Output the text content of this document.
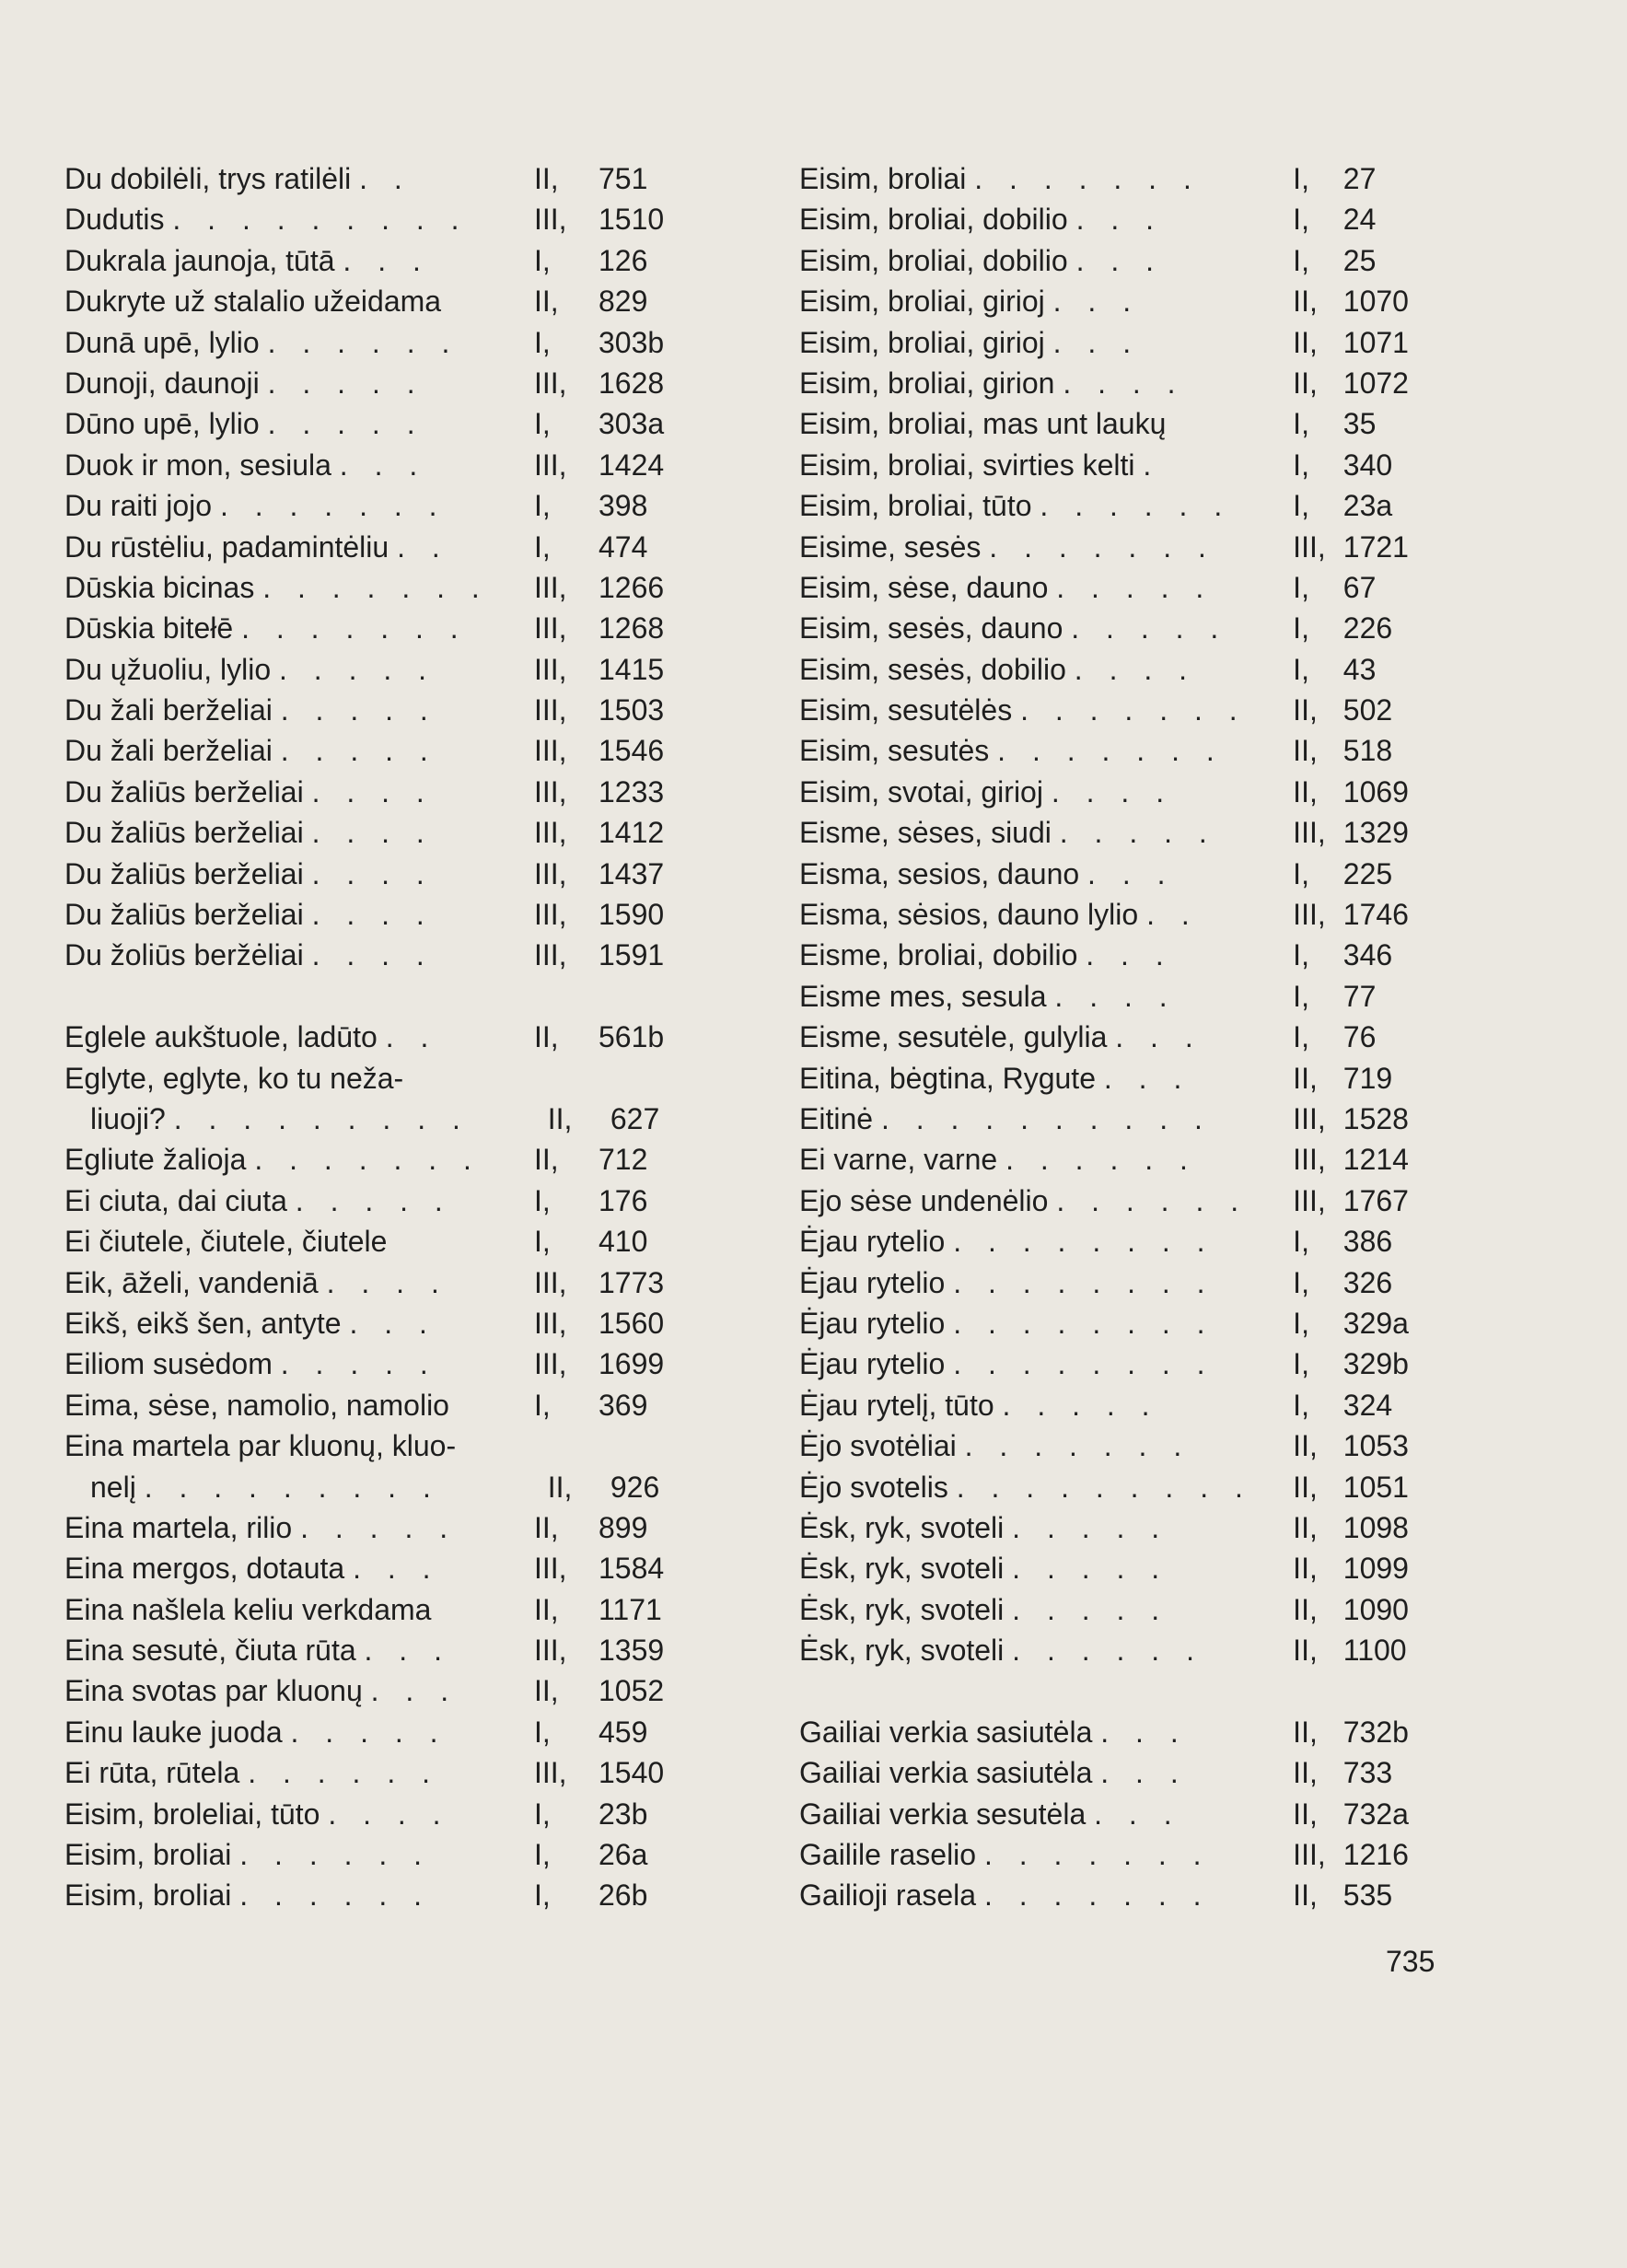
Du dobilėli, trys ratilėli . .	II,	751
Dudutis . . . . . . . . .	III,	1510
Dukrala jaunoja, tūtā . . .	I,	126
Dukryte už stalalio užeidama	II,	829
Dunā upē, lylio . . . . . .	I,	303b
Dunoji, daunoji . . . . .	III,	1628
Dūno upē, lylio . . . . .	I,	303a
Duok ir mon, sesiula . . .	III,	1424
Du raiti jojo . . . . . . .	I,	398
Du rūstėliu, padamintėliu . .	I,	474
Dūskia bicinas . . . . . . .	III,	1266
Dūskia bitełē . . . . . . .	III,	1268
Du ųžuoliu, lylio . . . . .	III,	1415
Du žali berželiai . . . . .	III,	1503
Du žali berželiai . . . . .	III,	1546
Du žaliūs berželiai . . . .	III,	1233
Du žaliūs berželiai . . . .	III,	1412
Du žaliūs berželiai . . . .	III,	1437
Du žaliūs berželiai . . . .	III,	1590
Du žoliūs beržėliai . . . .	III,	1591
Eglele aukštuole, ladūto . .	II,	561b
Eglyte, eglyte, ko tu neža-
liuoji? . . . . . . . . .	II,	627
Egliute žalioja . . . . . . .	II,	712
Ei ciuta, dai ciuta . . . . .	I,	176
Ei čiutele, čiutele, čiutele	I,	410
Eik, āželi, vandeniā . . . .	III,	1773
Eikš, eikš šen, antyte . . .	III,	1560
Eiliom susėdom . . . . .	III,	1699
Eima, sėse, namolio, namolio	I,	369
Eina martela par kluonų, kluo-
nelį . . . . . . . . .	II,	926
Eina martela, rilio . . . . .	II,	899
Eina mergos, dotauta . . .	III,	1584
Eina našlela keliu verkdama	II,	1171
Eina sesutė, čiuta rūta . . .	III,	1359
Eina svotas par kluonų . . .	II,	1052
Einu lauke juoda . . . . .	I,	459
Ei rūta, rūtela . . . . . .	III,	1540
Eisim, broleliai, tūto . . . .	I,	23b
Eisim, broliai . . . . . .	I,	26a
Eisim, broliai . . . . . .	I,	26b
Eisim, broliai . . . . . . .	I,	27
Eisim, broliai, dobilio . . .	I,	24
Eisim, broliai, dobilio . . .	I,	25
Eisim, broliai, girioj . . .	II, 1070
Eisim, broliai, girioj . . .	II, 1071
Eisim, broliai, girion . . . .	II, 1072
Eisim, broliai, mas unt laukų	I,	35
Eisim, broliai, svirties kelti .	I,	340
Eisim, broliai, tūto . . . . . .	I,	23a
Eisime, sesės . . . . . . .	III, 1721
Eisim, sėse, dauno . . . . .	I,	67
Eisim, sesės, dauno . . . . .	I,	226
Eisim, sesės, dobilio . . . .	I,	43
Eisim, sesutėlės . . . . . . .	II, 502
Eisim, sesutės . . . . . . .	II, 518
Eisim, svotai, girioj . . . .	II, 1069
Eisme, sėses, siudi . . . . .	III, 1329
Eisma, sesios, dauno . . .	I,	225
Eisma, sėsios, dauno lylio . .	III, 1746
Eisme, broliai, dobilio . . .	I,	346
Eisme mes, sesula . . . .	I,	77
Eisme, sesutėle, gulylia . . .	I,	76
Eitina, bėgtina, Rygute . . .	II, 719
Eitinė . . . . . . . . . .	III, 1528
Ei varne, varne . . . . . .	III, 1214
Ejo sėse undenėlio . . . . . .	III, 1767
Ėjau rytelio . . . . . . . .	I,	386
Ėjau rytelio . . . . . . . .	I,	326
Ėjau rytelio . . . . . . . .	I,	329a
Ėjau rytelio . . . . . . . .	I,	329b
Ėjau rytelį, tūto . . . . .	I,	324
Ėjo svotėliai . . . . . . .	II, 1053
Ėjo svotelis . . . . . . . . .	II, 1051
Ėsk, ryk, svoteli . . . . .	II, 1098
Ėsk, ryk, svoteli . . . . .	II, 1099
Ėsk, ryk, svoteli . . . . .	II, 1090
Ėsk, ryk, svoteli . . . . . .	II, 1100
Gailiai verkia sasiutėla . . .	II, 732b
Gailiai verkia sasiutėla . . .	II, 733
Gailiai verkia sesutėla . . .	II, 732a
Gailile raselio . . . . . . .	III, 1216
Gailioji rasela . . . . . . .	II, 535
735
